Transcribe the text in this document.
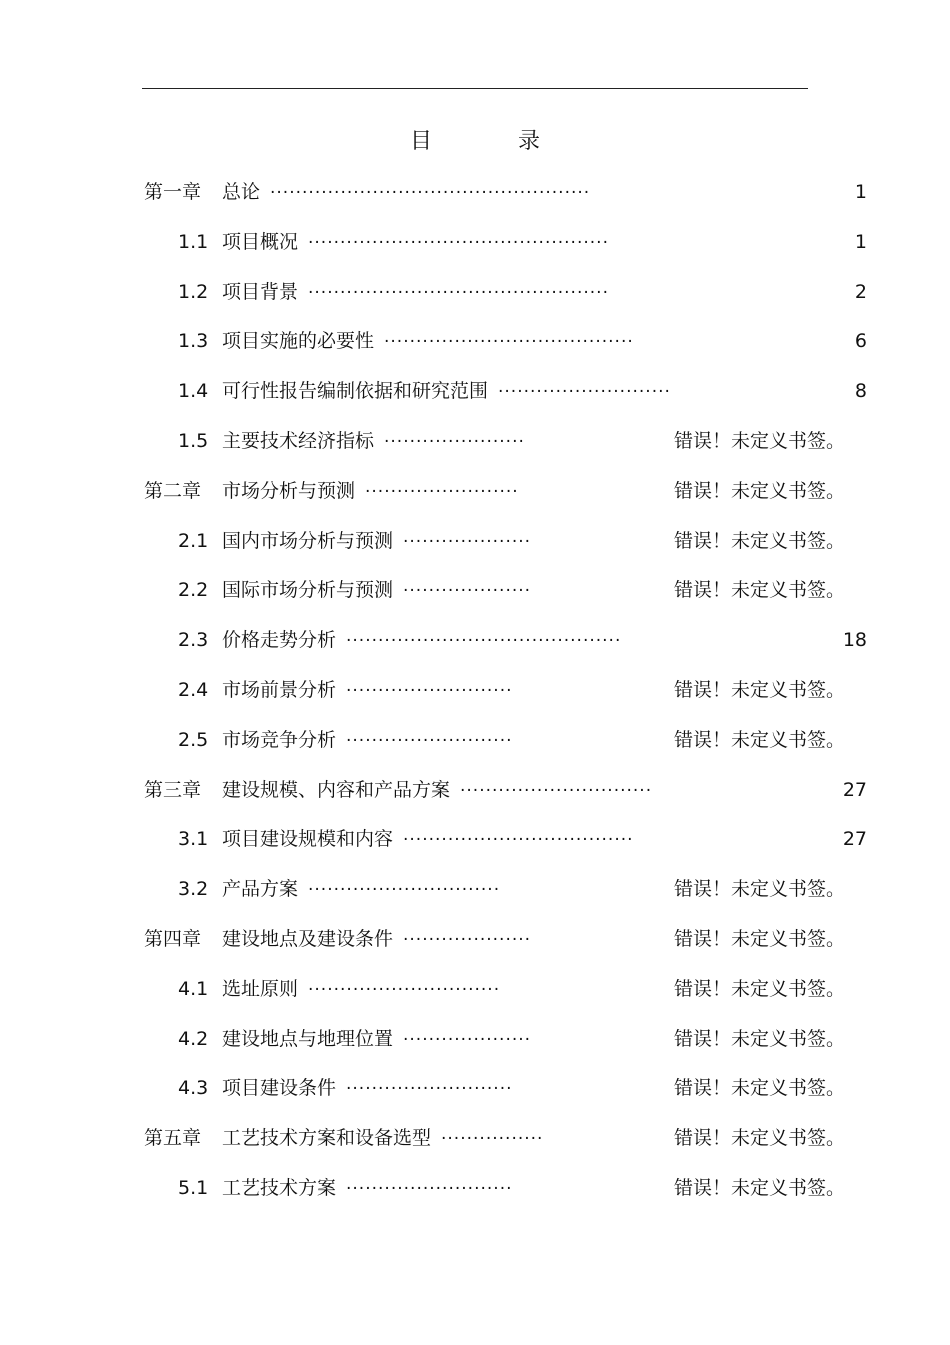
目　录
第一章 总论 ..................................................	1
1.1 项目概况 ...............................................	1
1.2 项目背景 ...............................................	2
1.3 项目实施的必要性 .......................................	6
1.4 可行性报告编制依据和研究范围 ...........................	8
1.5 主要技术经济指标 ......................	错误！未定义书签。
第二章 市场分析与预测 ........................	错误！未定义书签。
2.1 国内市场分析与预测 ....................	错误！未定义书签。
2.2 国际市场分析与预测 ....................	错误！未定义书签。
2.3 价格走势分析 ...........................................	18
2.4 市场前景分析 ..........................	错误！未定义书签。
2.5 市场竞争分析 ..........................	错误！未定义书签。
第三章 建设规模、内容和产品方案 ..............................	27
3.1 项目建设规模和内容 ....................................	27
3.2 产品方案 ..............................	错误！未定义书签。
第四章 建设地点及建设条件 ....................	错误！未定义书签。
4.1 选址原则 ..............................	错误！未定义书签。
4.2 建设地点与地理位置 ....................	错误！未定义书签。
4.3 项目建设条件 ..........................	错误！未定义书签。
第五章 工艺技术方案和设备选型 ................	错误！未定义书签。
5.1 工艺技术方案 ..........................	错误！未定义书签。
